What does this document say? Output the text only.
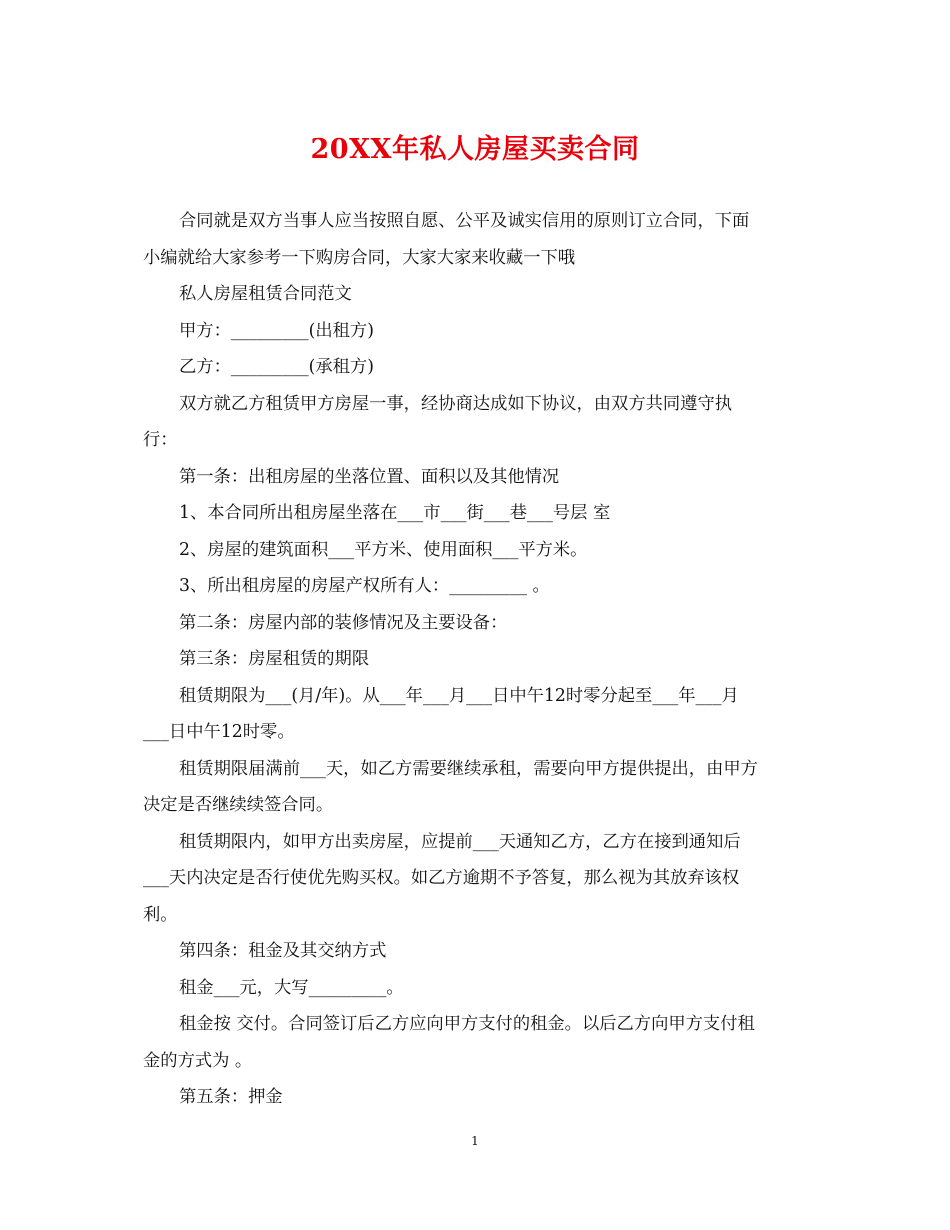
20XX年私人房屋买卖合同
合同就是双方当事人应当按照自愿、公平及诚实信用的原则订立合同，下面
小编就给大家参考一下购房合同，大家大家来收藏一下哦
私人房屋租赁合同范文
甲方：_________(出租方)
乙方：_________(承租方)
双方就乙方租赁甲方房屋一事，经协商达成如下协议，由双方共同遵守执
行：
第一条：出租房屋的坐落位置、面积以及其他情况
1、本合同所出租房屋坐落在___市___街___巷___号层 室
2、房屋的建筑面积___平方米、使用面积___平方米。
3、所出租房屋的房屋产权所有人：_________ 。
第二条：房屋内部的装修情况及主要设备：
第三条：房屋租赁的期限
租赁期限为___(月/年)。从___年___月___日中午12时零分起至___年___月
___日中午12时零。
租赁期限届满前___天，如乙方需要继续承租，需要向甲方提供提出，由甲方
决定是否继续续签合同。
租赁期限内，如甲方出卖房屋，应提前___天通知乙方，乙方在接到通知后
___天内决定是否行使优先购买权。如乙方逾期不予答复，那么视为其放弃该权
利。
第四条：租金及其交纳方式
租金___元，大写_________。
租金按 交付。合同签订后乙方应向甲方支付的租金。以后乙方向甲方支付租
金的方式为 。
第五条：押金
1
